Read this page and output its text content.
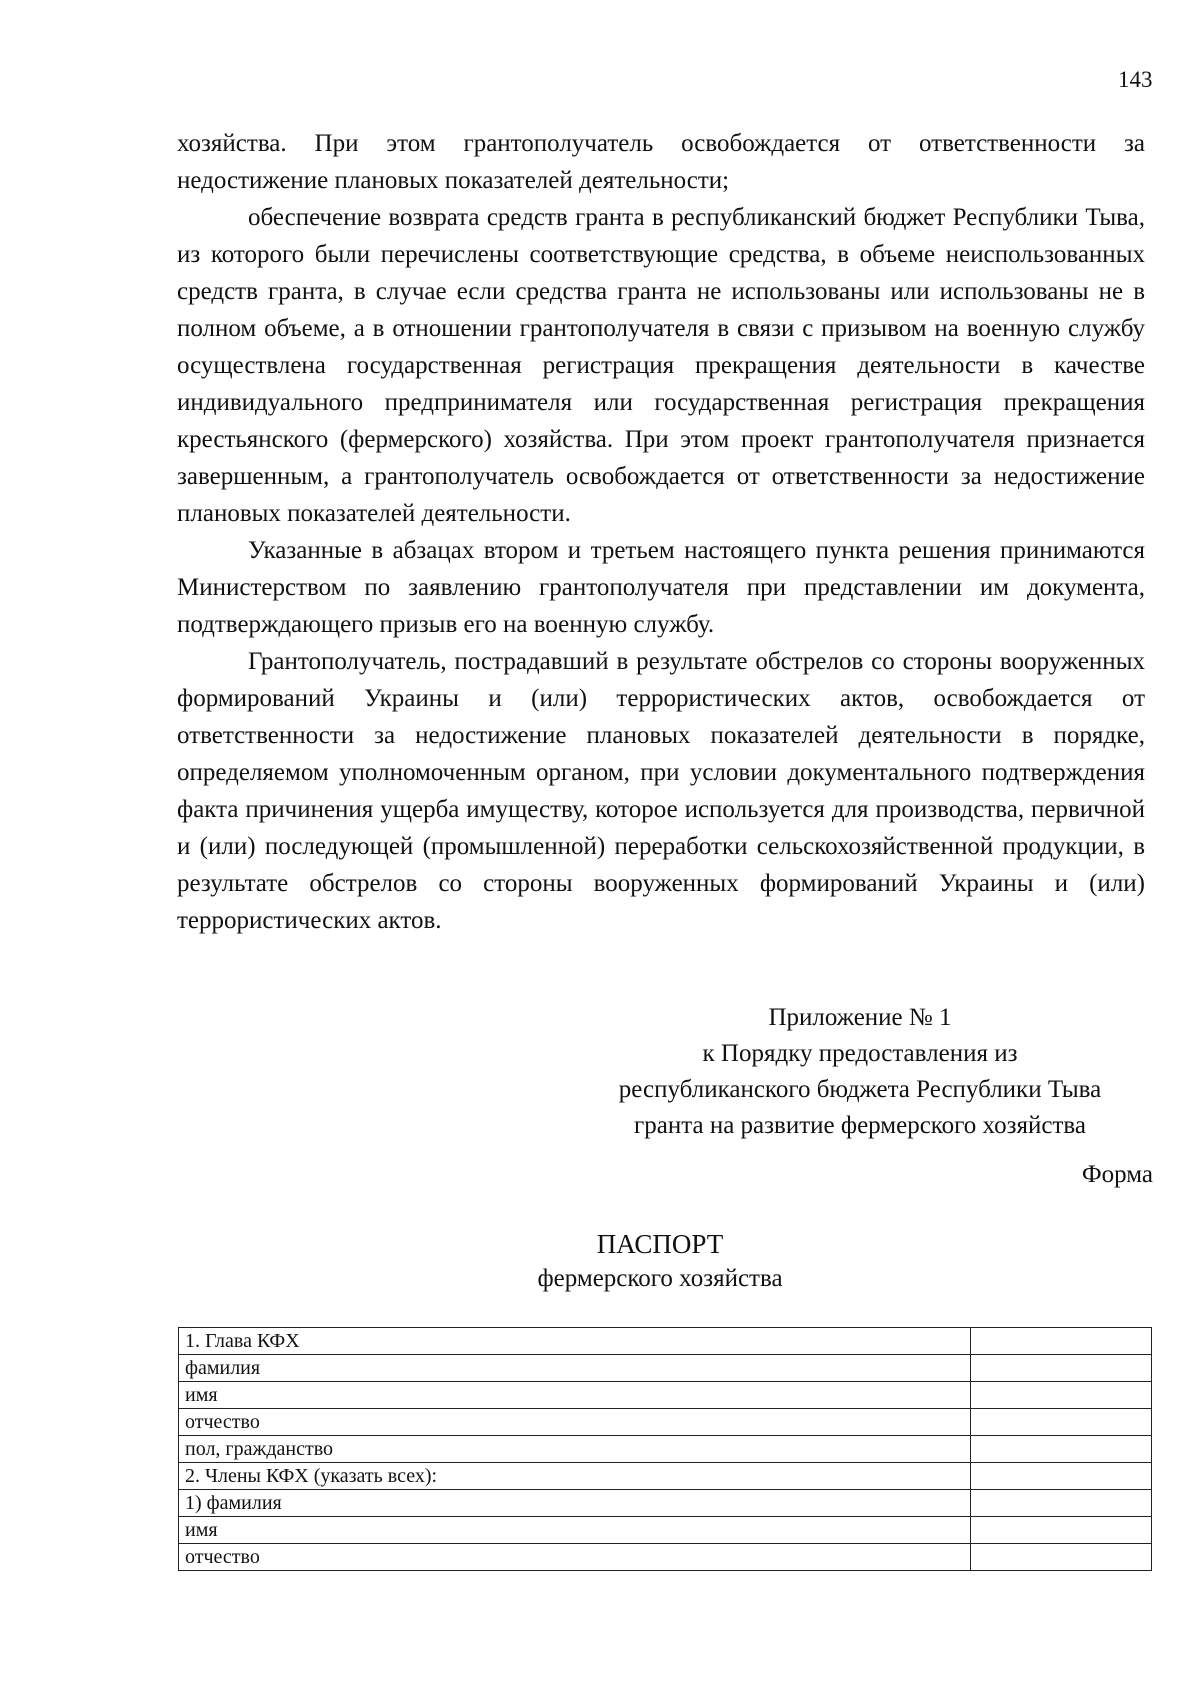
143

хозяйства. При этом грантополучатель освобождается от ответственности за недостижение плановых показателей деятельности;

обеспечение возврата средств гранта в республиканский бюджет Республики Тыва, из которого были перечислены соответствующие средства, в объеме неиспользованных средств гранта, в случае если средства гранта не использованы или использованы не в полном объеме, а в отношении грантополучателя в связи с призывом на военную службу осуществлена государственная регистрация прекращения деятельности в качестве индивидуального предпринимателя или государственная регистрация прекращения крестьянского (фермерского) хозяйства. При этом проект грантополучателя признается завершенным, а грантополучатель освобождается от ответственности за недостижение плановых показателей деятельности.

Указанные в абзацах втором и третьем настоящего пункта решения принимаются Министерством по заявлению грантополучателя при представлении им документа, подтверждающего призыв его на военную службу.

Грантополучатель, пострадавший в результате обстрелов со стороны вооруженных формирований Украины и (или) террористических актов, освобождается от ответственности за недостижение плановых показателей деятельности в порядке, определяемом уполномоченным органом, при условии документального подтверждения факта причинения ущерба имуществу, которое используется для производства, первичной и (или) последующей (промышленной) переработки сельскохозяйственной продукции, в результате обстрелов со стороны вооруженных формирований Украины и (или) террористических актов.

Приложение № 1
к Порядку предоставления из
республиканского бюджета Республики Тыва
гранта на развитие фермерского хозяйства
Форма
ПАСПОРТ
фермерского хозяйства
1. Глава КФХ	
фамилия	
имя	
отчество	
пол, гражданство	
2. Члены КФХ (указать всех):	
1) фамилия	
имя	
отчество	
